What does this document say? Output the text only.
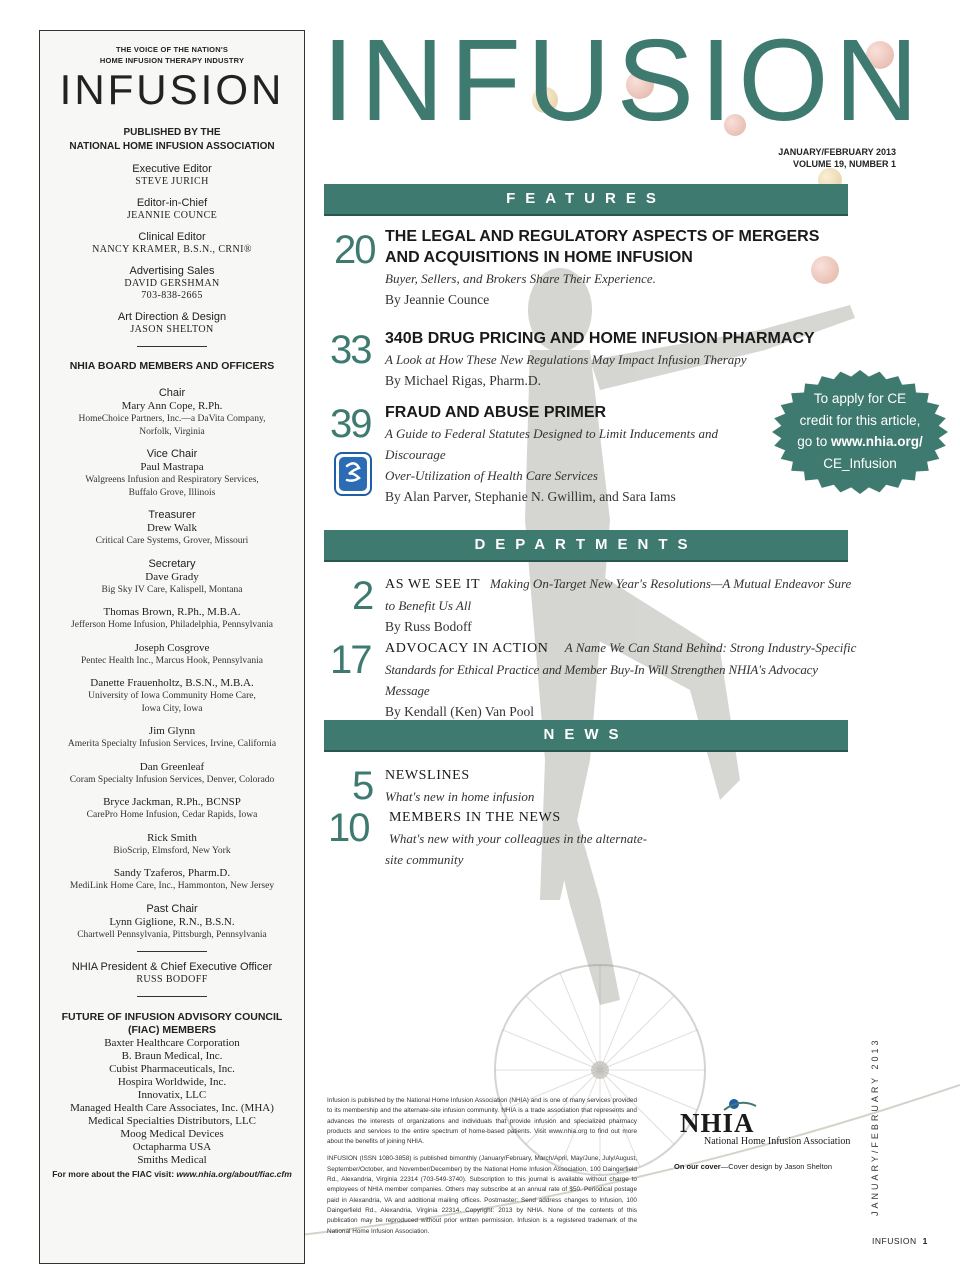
THE VOICE OF THE NATION'S
HOME INFUSION THERAPY INDUSTRY
INFUSION
PUBLISHED BY THE
NATIONAL HOME INFUSION ASSOCIATION
Executive Editor
STEVE JURICH
Editor-in-Chief
JEANNIE COUNCE
Clinical Editor
NANCY KRAMER, B.S.N., CRNI®
Advertising Sales
DAVID GERSHMAN
703-838-2665
Art Direction & Design
JASON SHELTON
NHIA BOARD MEMBERS AND OFFICERS
Chair
Mary Ann Cope, R.Ph.
HomeChoice Partners, Inc.—a DaVita Company,
Norfolk, Virginia
Vice Chair
Paul Mastrapa
Walgreens Infusion and Respiratory Services,
Buffalo Grove, Illinois
Treasurer
Drew Walk
Critical Care Systems, Grover, Missouri
Secretary
Dave Grady
Big Sky IV Care, Kalispell, Montana
Thomas Brown, R.Ph., M.B.A.
Jefferson Home Infusion, Philadelphia, Pennsylvania
Joseph Cosgrove
Pentec Health Inc., Marcus Hook, Pennsylvania
Danette Frauenholtz, B.S.N., M.B.A.
University of Iowa Community Home Care,
Iowa City, Iowa
Jim Glynn
Amerita Specialty Infusion Services, Irvine, California
Dan Greenleaf
Coram Specialty Infusion Services, Denver, Colorado
Bryce Jackman, R.Ph., BCNSP
CarePro Home Infusion, Cedar Rapids, Iowa
Rick Smith
BioScrip, Elmsford, New York
Sandy Tzaferos, Pharm.D.
MediLink Home Care, Inc., Hammonton, New Jersey
Past Chair
Lynn Giglione, R.N., B.S.N.
Chartwell Pennsylvania, Pittsburgh, Pennsylvania
NHIA President & Chief Executive Officer
RUSS BODOFF
FUTURE OF INFUSION ADVISORY COUNCIL
(FIAC) MEMBERS
Baxter Healthcare Corporation
B. Braun Medical, Inc.
Cubist Pharmaceuticals, Inc.
Hospira Worldwide, Inc.
Innovatix, LLC
Managed Health Care Associates, Inc. (MHA)
Medical Specialties Distributors, LLC
Moog Medical Devices
Octapharma USA
Smiths Medical
For more about the FIAC visit: www.nhia.org/about/fiac.cfm
INFUSION
JANUARY/FEBRUARY 2013
VOLUME 19, NUMBER 1
FEATURES
20 THE LEGAL AND REGULATORY ASPECTS OF MERGERS
AND ACQUISITIONS IN HOME INFUSION
Buyer, Sellers, and Brokers Share Their Experience.
By Jeannie Counce
33 340B DRUG PRICING AND HOME INFUSION PHARMACY
A Look at How These New Regulations May Impact Infusion Therapy
By Michael Rigas, Pharm.D.
39 FRAUD AND ABUSE PRIMER
A Guide to Federal Statutes Designed to Limit Inducements and Discourage
Over-Utilization of Health Care Services
By Alan Parver, Stephanie N. Gwillim, and Sara Iams
To apply for CE
credit for this article,
go to www.nhia.org/
CE_Infusion
DEPARTMENTS
2 AS WE SEE IT Making On-Target New Year's Resolutions—A Mutual Endeavor Sure
to Benefit Us All
By Russ Bodoff
17 ADVOCACY IN ACTION A Name We Can Stand Behind: Strong Industry-Specific
Standards for Ethical Practice and Member Buy-In Will Strengthen NHIA's Advocacy Message
By Kendall (Ken) Van Pool
NEWS
5 NEWSLINES
What's new in home infusion
10 MEMBERS IN THE NEWS
What's new with your colleagues in the alternate-
site community

Infusion is published by the National Home Infusion Association (NHIA) and is one of many services provided to its membership and the alternate-site infusion community. NHIA is a trade association that represents and advances the interests of organizations and individuals that provide infusion and specialized pharmacy products and services to the entire spectrum of home-based patients. Visit www.nhia.org to find out more about the benefits of joining NHIA.

INFUSION (ISSN 1080-3858) is published bimonthly (January/February, March/April, May/June, July/August, September/October, and November/December) by the National Home Infusion Association, 100 Daingerfield Rd., Alexandria, Virginia 22314 (703-549-3740). Subscription to this journal is available without charge to employees of NHIA member companies. Others may subscribe at an annual rate of $50. Periodical postage paid in Alexandria, VA and additional mailing offices. Postmaster: Send address changes to Infusion, 100 Daingerfield Rd., Alexandria, Virginia 22314. Copyright: 2013 by NHIA. None of the contents of this publication may be reproduced without prior written permission. Infusion is a registered trademark of the National Home Infusion Association.

NHIA
National Home Infusion Association
On our cover—Cover design by Jason Shelton	JANUARY/FEBRUARY 2013
INFUSION 1
